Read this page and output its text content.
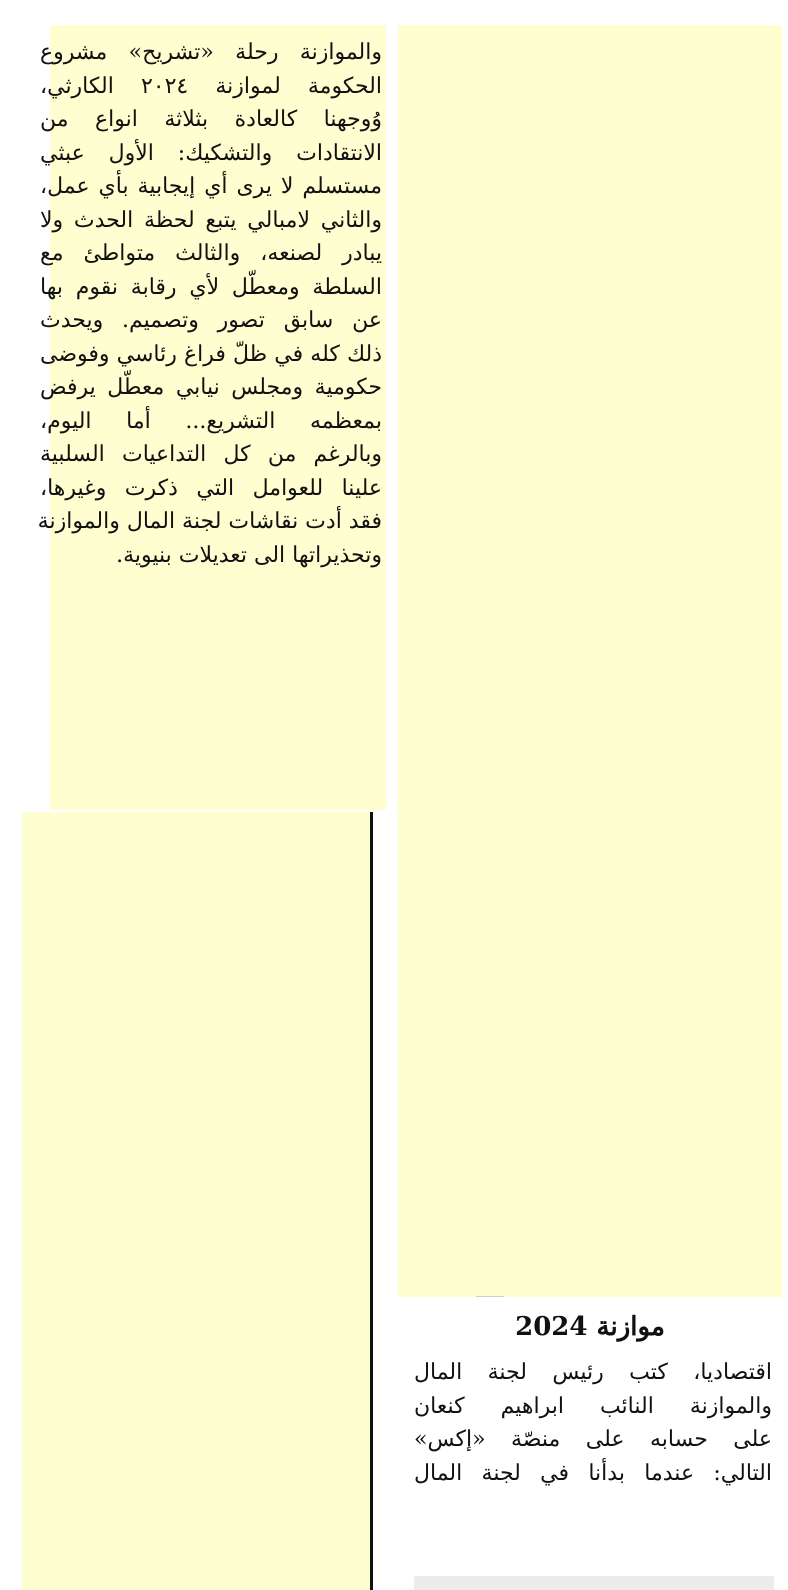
والموازنة رحلة «تشريح» مشروع
الحكومة لموازنة ٢٠٢٤ الكارثي،
وُوجهنا كالعادة بثلاثة انواع من
الانتقادات والتشكيك: الأول عبثي
مستسلم لا يرى أي إيجابية بأي عمل،
والثاني لامبالي يتبع لحظة الحدث ولا
يبادر لصنعه، والثالث متواطئ مع
السلطة ومعطّل لأي رقابة نقوم بها
عن سابق تصور وتصميم. ويحدث
ذلك كله في ظلّ فراغ رئاسي وفوضى
حكومية ومجلس نيابي معطّل يرفض
بمعظمه التشريع... أما اليوم،
وبالرغم من كل التداعيات السلبية
علينا للعوامل التي ذكرت وغيرها،
فقد أدت نقاشات لجنة المال والموازنة
وتحذيراتها الى تعديلات بنيوية.
موازنة 2024
اقتصاديا، كتب رئيس لجنة المال
والموازنة النائب ابراهيم كنعان
على حسابه على منصّة «إكس»
التالي: عندما بدأنا في لجنة المال
